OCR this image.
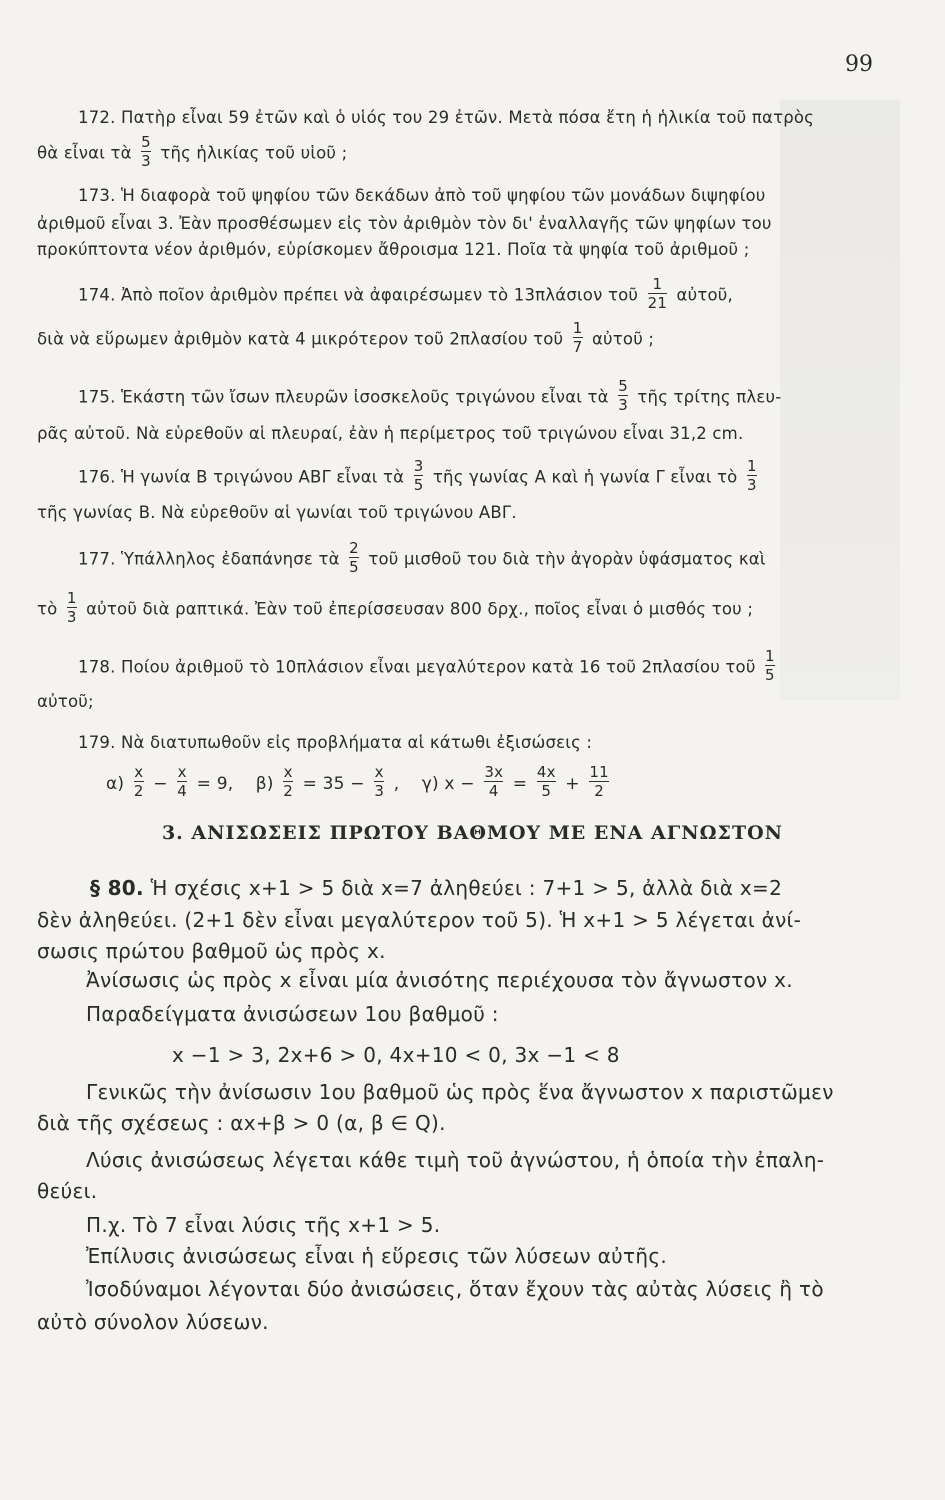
99
172. Πατὴρ εἶναι 59 ἐτῶν καὶ ὁ υἱός του 29 ἐτῶν. Μετὰ πόσα ἔτη ἡ ἡλικία τοῦ πατρὸς
θὰ εἶναι τὰ $\frac{5}{3}$ τῆς ἡλικίας τοῦ υἱοῦ ;
173. Ἡ διαφορὰ τοῦ ψηφίου τῶν δεκάδων ἀπὸ τοῦ ψηφίου τῶν μονάδων διψηφίου
ἀριθμοῦ εἶναι 3. Ἐὰν προσθέσωμεν εἰς τὸν ἀριθμὸν τὸν δι' ἐναλλαγῆς τῶν ψηφίων του
προκύπτοντα νέον ἀριθμόν, εὑρίσκομεν ἄθροισμα 121. Ποῖα τὰ ψηφία τοῦ ἀριθμοῦ ;
174. Ἀπὸ ποῖον ἀριθμὸν πρέπει νὰ ἀφαιρέσωμεν τὸ 13πλάσιον τοῦ $\frac{1}{21}$ αὐτοῦ,
διὰ νὰ εὕρωμεν ἀριθμὸν κατὰ 4 μικρότερον τοῦ 2πλασίου τοῦ $\frac{1}{7}$ αὐτοῦ ;
175. Ἑκάστη τῶν ἴσων πλευρῶν ἰσοσκελοῦς τριγώνου εἶναι τὰ $\frac{5}{3}$ τῆς τρίτης πλευ-
ρᾶς αὐτοῦ. Νὰ εὑρεθοῦν αἱ πλευραί, ἐὰν ἡ περίμετρος τοῦ τριγώνου εἶναι 31,2 cm.
176. Ἡ γωνία Β τριγώνου ΑΒΓ εἶναι τὰ $\frac{3}{5}$ τῆς γωνίας Α καὶ ἡ γωνία Γ εἶναι τὸ $\frac{1}{3}$
τῆς γωνίας Β. Νὰ εὑρεθοῦν αἱ γωνίαι τοῦ τριγώνου ΑΒΓ.
177. Ὑπάλληλος ἐδαπάνησε τὰ $\frac{2}{5}$ τοῦ μισθοῦ του διὰ τὴν ἀγορὰν ὑφάσματος καὶ
τὸ $\frac{1}{3}$ αὐτοῦ διὰ ραπτικά. Ἐὰν τοῦ ἐπερίσσευσαν 800 δρχ., ποῖος εἶναι ὁ μισθός του ;
178. Ποίου ἀριθμοῦ τὸ 10πλάσιον εἶναι μεγαλύτερον κατὰ 16 τοῦ 2πλασίου τοῦ $\frac{1}{5}$
αὐτοῦ;
179. Νὰ διατυπωθοῦν εἰς προβλήματα αἱ κάτωθι ἐξισώσεις :
$\alpha) \frac{x}{2} - \frac{x}{4} = 9$, $\beta) \frac{x}{2} = 35 - \frac{x}{3}$ , γ) $x - \frac{3x}{4} = \frac{4x}{5} + \frac{11}{2}$
3. ΑΝΙΣΩΣΕΙΣ ΠΡΩΤΟΥ ΒΑΘΜΟΥ ΜΕ ΕΝΑ ΑΓΝΩΣΤΟΝ
§ 80. Ἡ σχέσις x+1 > 5 διὰ x=7 ἀληθεύει : 7+1 > 5, ἀλλὰ διὰ x=2
δὲν ἀληθεύει. (2+1 δὲν εἶναι μεγαλύτερον τοῦ 5). Ἡ x+1 > 5 λέγεται ἀνί-
σωσις πρώτου βαθμοῦ ὡς πρὸς x.
Ἀνίσωσις ὡς πρὸς x εἶναι μία ἀνισότης περιέχουσα τὸν ἄγνωστον x.
Παραδείγματα ἀνισώσεων 1ου βαθμοῦ :
x −1 > 3, 2x+6 > 0, 4x+10 < 0, 3x −1 < 8
Γενικῶς τὴν ἀνίσωσιν 1ου βαθμοῦ ὡς πρὸς ἕνα ἄγνωστον x παριστῶμεν
διὰ τῆς σχέσεως : αx+β > 0 (α, β ∈ Q).
Λύσις ἀνισώσεως λέγεται κάθε τιμὴ τοῦ ἀγνώστου, ἡ ὁποία τὴν ἐπαλη-
θεύει.
Π.χ. Τὸ 7 εἶναι λύσις τῆς x+1 > 5.
Ἐπίλυσις ἀνισώσεως εἶναι ἡ εὕρεσις τῶν λύσεων αὐτῆς.
Ἰσοδύναμοι λέγονται δύο ἀνισώσεις, ὅταν ἔχουν τὰς αὐτὰς λύσεις ἢ τὸ
αὐτὸ σύνολον λύσεων.
